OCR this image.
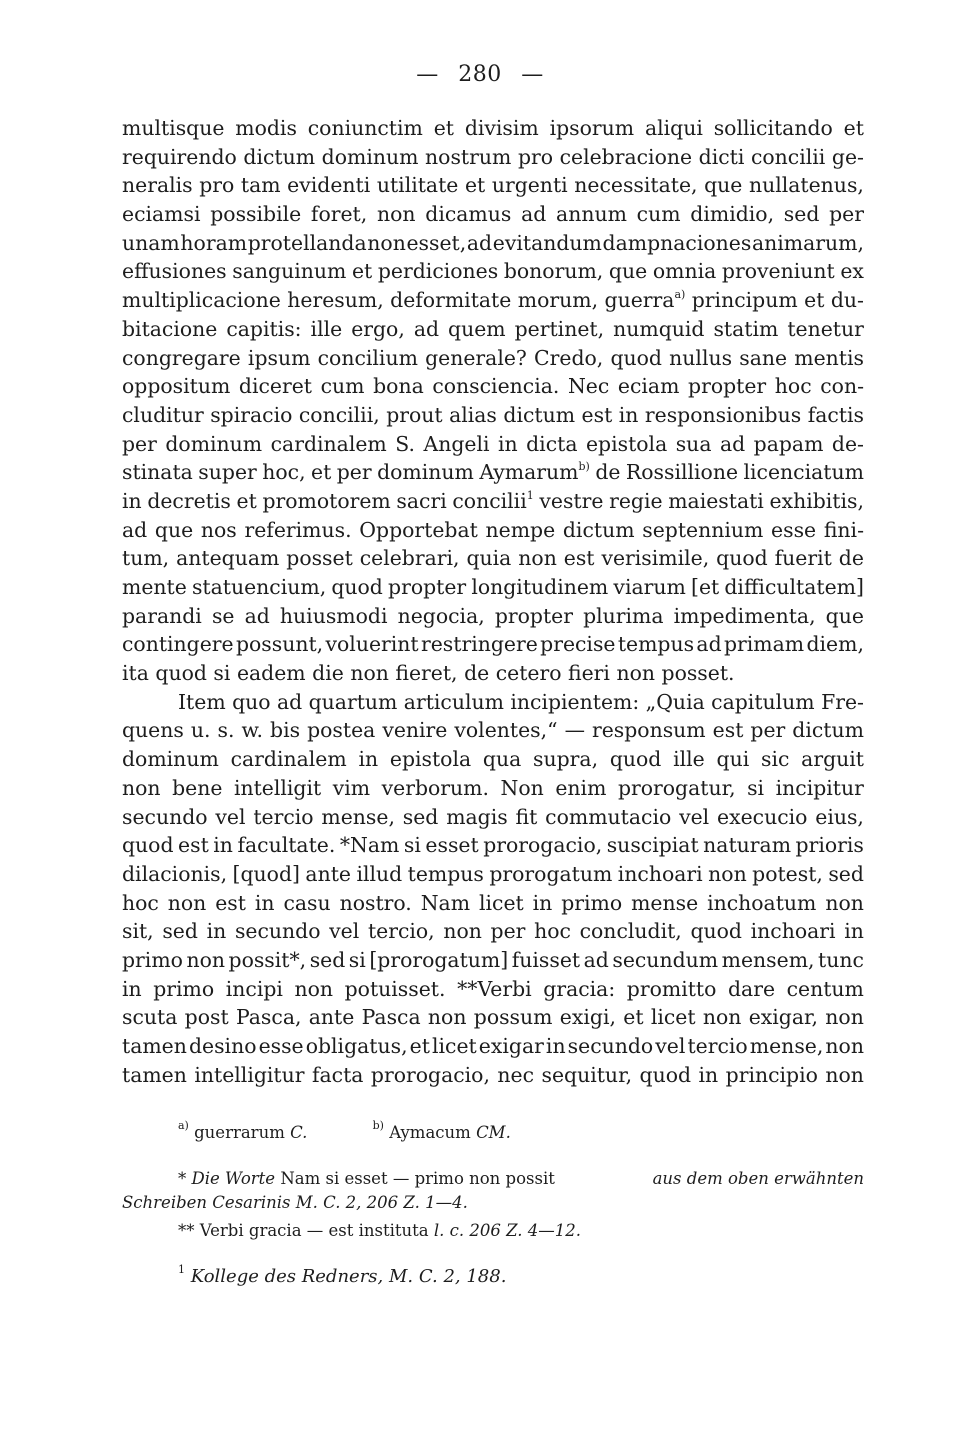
— 280 —
multisque modis coniunctim et divisim ipsorum aliqui sollicitando et
requirendo dictum dominum nostrum pro celebracione dicti concilii ge-
neralis pro tam evidenti utilitate et urgenti necessitate, que nullatenus,
eciamsi possibile foret, non dicamus ad annum cum dimidio, sed per
unam horam protellanda non esset, ad evitandum dampnaciones animarum,
effusiones sanguinum et perdiciones bonorum, que omnia proveniunt ex
multiplicacione heresum, deformitate morum, guerra$^{a)}$ principum et du-
bitacione capitis: ille ergo, ad quem pertinet, numquid statim tenetur
congregare ipsum concilium generale? Credo, quod nullus sane mentis
oppositum diceret cum bona consciencia. Nec eciam propter hoc con-
cluditur spiracio concilii, prout alias dictum est in responsionibus factis
per dominum cardinalem S. Angeli in dicta epistola sua ad papam de-
stinata super hoc, et per dominum Aymarum$^{b)}$ de Rossillione licenciatum
in decretis et promotorem sacri concilii$^1$ vestre regie maiestati exhibitis,
ad que nos referimus. Opportebat nempe dictum septennium esse fini-
tum, antequam posset celebrari, quia non est verisimile, quod fuerit de
mente statuencium, quod propter longitudinem viarum [et difficultatem]
parandi se ad huiusmodi negocia, propter plurima impedimenta, que
contingere possunt, voluerint restringere precise tempus ad primam diem,
ita quod si eadem die non fieret, de cetero fieri non posset.
Item quo ad quartum articulum incipientem: „Quia capitulum Fre-
quens u. s. w. bis postea venire volentes,“ — responsum est per dictum
dominum cardinalem in epistola qua supra, quod ille qui sic arguit
non bene intelligit vim verborum. Non enim prorogatur, si incipitur
secundo vel tercio mense, sed magis fit commutacio vel execucio eius,
quod est in facultate. *Nam si esset prorogacio, suscipiat naturam prioris
dilacionis, [quod] ante illud tempus prorogatum inchoari non potest, sed
hoc non est in casu nostro. Nam licet in primo mense inchoatum non
sit, sed in secundo vel tercio, non per hoc concludit, quod inchoari in
primo non possit*, sed si [prorogatum] fuisset ad secundum mensem, tunc
in primo incipi non potuisset. **Verbi gracia: promitto dare centum
scuta post Pasca, ante Pasca non possum exigi, et licet non exigar, non
tamen desino esse obligatus, et licet exigar in secundo vel tercio mense, non
tamen intelligitur facta prorogacio, nec sequitur, quod in principio non
$^{a)}$ guerrarum C.	$^{b)}$ Aymacum CM.
* Die Worte Nam si esset — primo non possit	aus dem oben erwähnten
Schreiben Cesarinis M. C. 2, 206 Z. 1—4.
** Verbi gracia — est instituta l. c. 206 Z. 4—12.
$^1$ Kollege des Redners, M. C. 2, 188.
